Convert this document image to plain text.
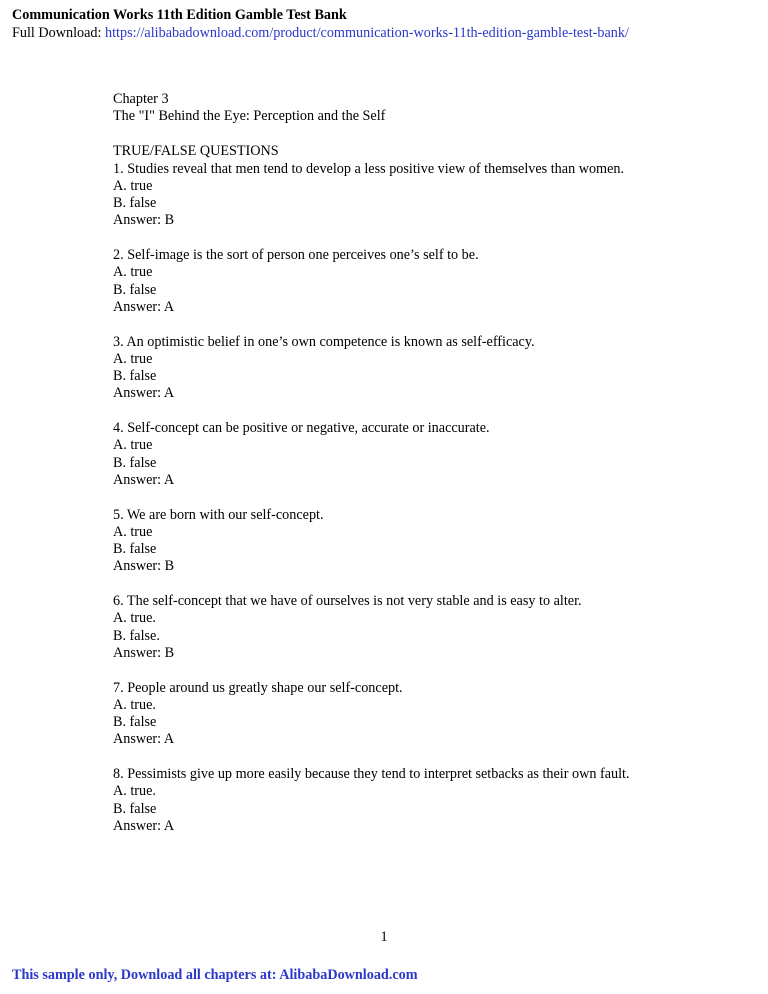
Communication Works 11th Edition Gamble Test Bank
Full Download: https://alibabadownload.com/product/communication-works-11th-edition-gamble-test-bank/

Chapter 3

The "I" Behind the Eye: Perception and the Self

TRUE/FALSE QUESTIONS

1. Studies reveal that men tend to develop a less positive view of themselves than women.

A. true

B. false

Answer: B

2. Self-image is the sort of person one perceives one’s self to be.

A. true

B. false

Answer: A

3. An optimistic belief in one’s own competence is known as self-efficacy.

A. true

B. false

Answer: A

4. Self-concept can be positive or negative, accurate or inaccurate.

A. true

B. false

Answer: A

5. We are born with our self-concept.

A. true

B. false

Answer: B

6. The self-concept that we have of ourselves is not very stable and is easy to alter.

A. true.

B. false.

Answer: B

7. People around us greatly shape our self-concept.

A. true.

B. false

Answer: A

8. Pessimists give up more easily because they tend to interpret setbacks as their own fault.

A. true.

B. false

Answer: A

1
This sample only, Download all chapters at: AlibabaDownload.com
